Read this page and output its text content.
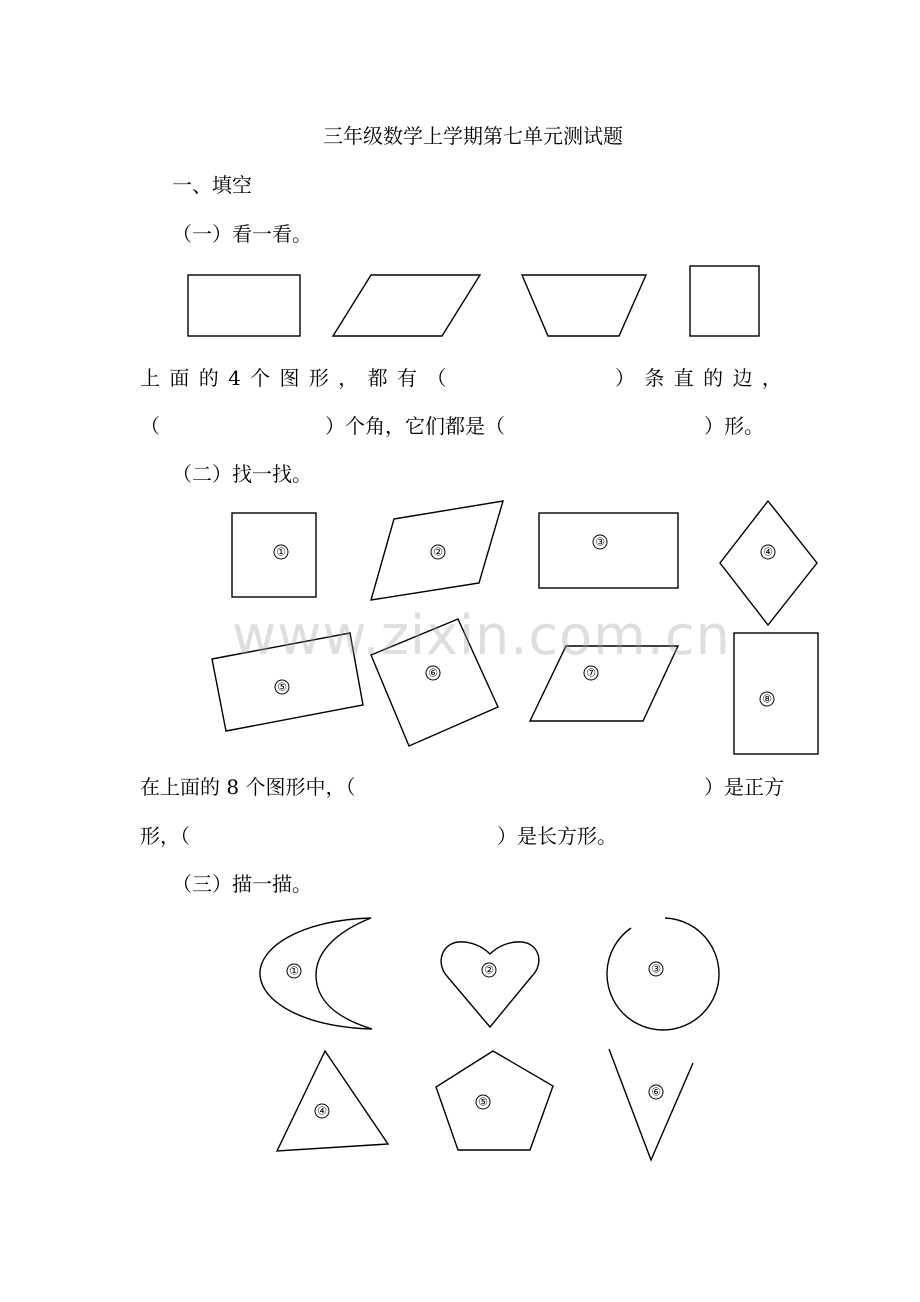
三年级数学上学期第七单元测试题
一、填空
（一）看一看。
上 面 的 4 个 图 形 ， 都 有 （	） 条 直 的 边 ，
（	）个角，它们都是（	）形。
（二）找一找。
www.zixin.com.cn
在上面的 8 个图形中，（	）是正方
形，（	）是长方形。
（三）描一描。
①	②
③
④
⑤
⑥	⑦
⑧
①	②	③
④
⑤
⑥
